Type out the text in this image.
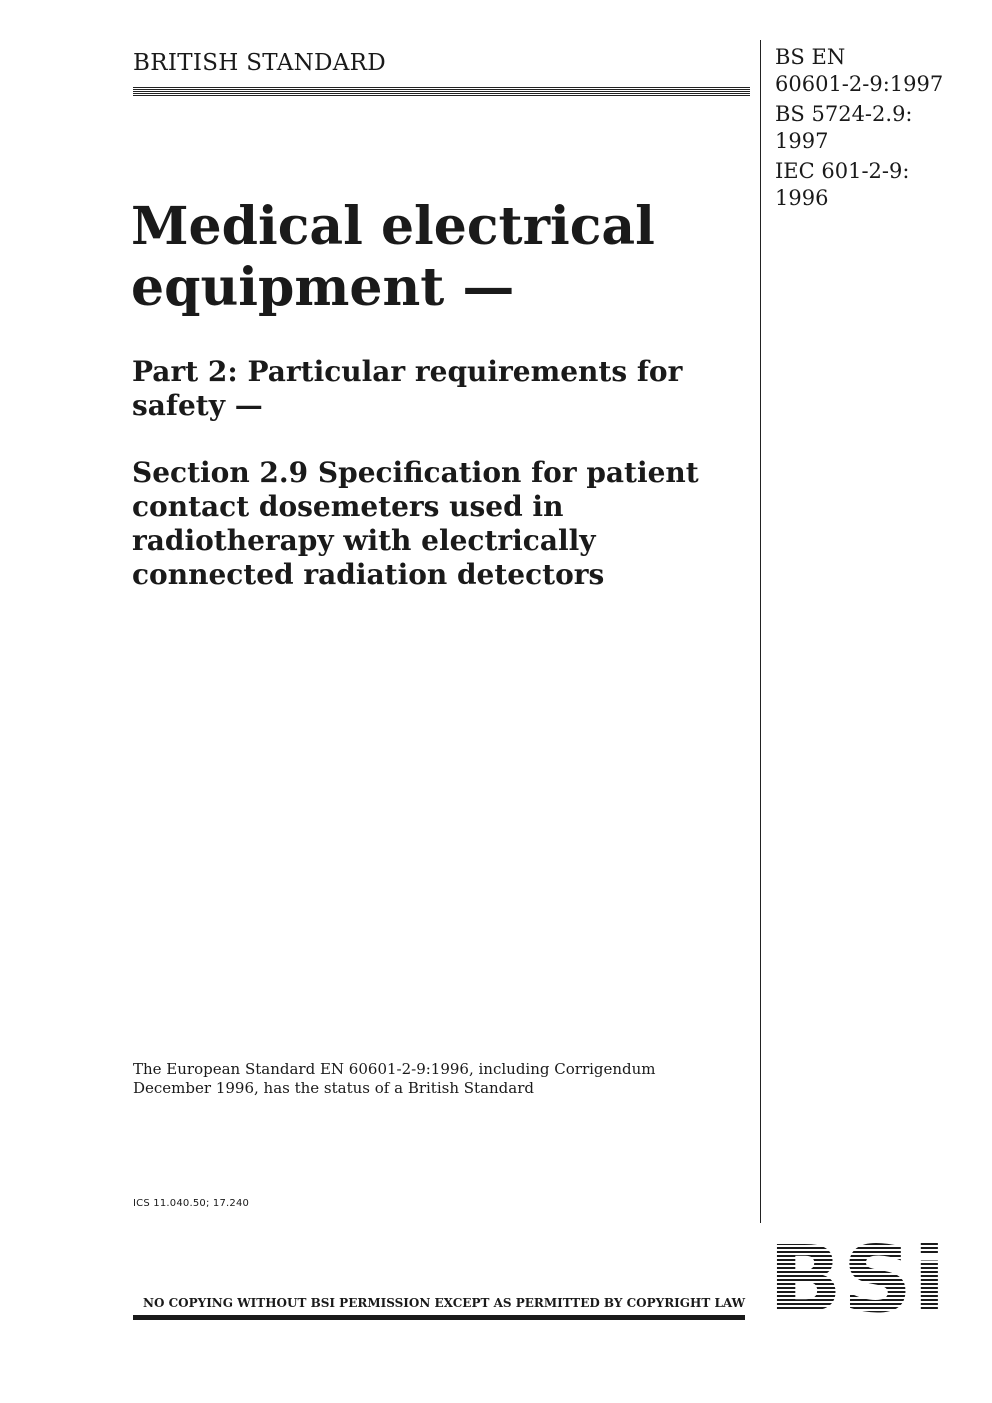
BRITISH STANDARD	BS EN
60601-2-9:1997
BS 5724-2.9:
1997
IEC 601-2-9:
1996
Medical electrical equipment —
Part 2: Particular requirements for safety —
Section 2.9 Specification for patient contact dosemeters used in radiotherapy with electrically connected radiation detectors
The European Standard EN 60601-2-9:1996, including Corrigendum December 1996, has the status of a British Standard
ICS 11.040.50; 17.240
NO COPYING WITHOUT BSI PERMISSION EXCEPT AS PERMITTED BY COPYRIGHT LAW BSi
